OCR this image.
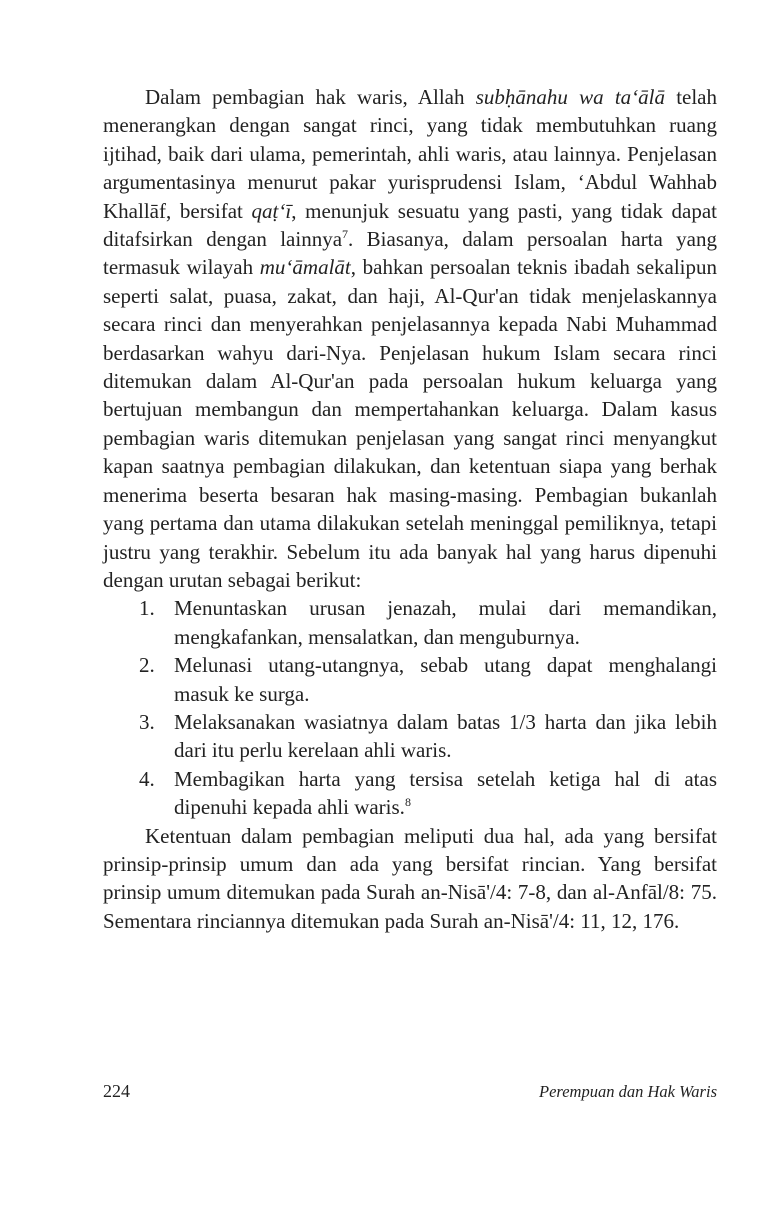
Dalam pembagian hak waris, Allah subḥānahu wa ta‘ālā telah menerangkan dengan sangat rinci, yang tidak membutuhkan ruang ijtihad, baik dari ulama, pemerintah, ahli waris, atau lainnya. Penjelasan argumentasinya menurut pakar yurisprudensi Islam, ‘Abdul Wahhab Khallāf, bersifat qaṭ‘ī, menunjuk sesuatu yang pasti, yang tidak dapat ditafsirkan dengan lainnya$^7$. Biasanya, dalam persoalan harta yang termasuk wilayah mu‘āmalāt, bahkan persoalan teknis ibadah sekalipun seperti salat, puasa, zakat, dan haji, Al-Qur'an tidak menjelaskannya secara rinci dan menyerahkan penjelasannya kepada Nabi Muhammad berdasarkan wahyu dari-Nya. Penjelasan hukum Islam secara rinci ditemukan dalam Al-Qur'an pada persoalan hukum keluarga yang bertujuan membangun dan mempertahankan keluarga. Dalam kasus pembagian waris ditemukan penjelasan yang sangat rinci menyangkut kapan saatnya pembagian dilakukan, dan ketentuan siapa yang berhak menerima beserta besaran hak masing-masing. Pembagian bukanlah yang pertama dan utama dilakukan setelah meninggal pemiliknya, tetapi justru yang terakhir. Sebelum itu ada banyak hal yang harus dipenuhi dengan urutan sebagai berikut:

1. Menuntaskan urusan jenazah, mulai dari memandikan, mengkafankan, mensalatkan, dan menguburnya.
2. Melunasi utang-utangnya, sebab utang dapat menghalangi masuk ke surga.
3. Melaksanakan wasiatnya dalam batas 1/3 harta dan jika lebih dari itu perlu kerelaan ahli waris.
4. Membagikan harta yang tersisa setelah ketiga hal di atas dipenuhi kepada ahli waris.$^8$

Ketentuan dalam pembagian meliputi dua hal, ada yang bersifat prinsip-prinsip umum dan ada yang bersifat rincian. Yang bersifat prinsip umum ditemukan pada Surah an-Nisā'/4: 7-8, dan al-Anfāl/8: 75. Sementara rinciannya ditemukan pada Surah an-Nisā'/4: 11, 12, 176.

224	Perempuan dan Hak Waris
